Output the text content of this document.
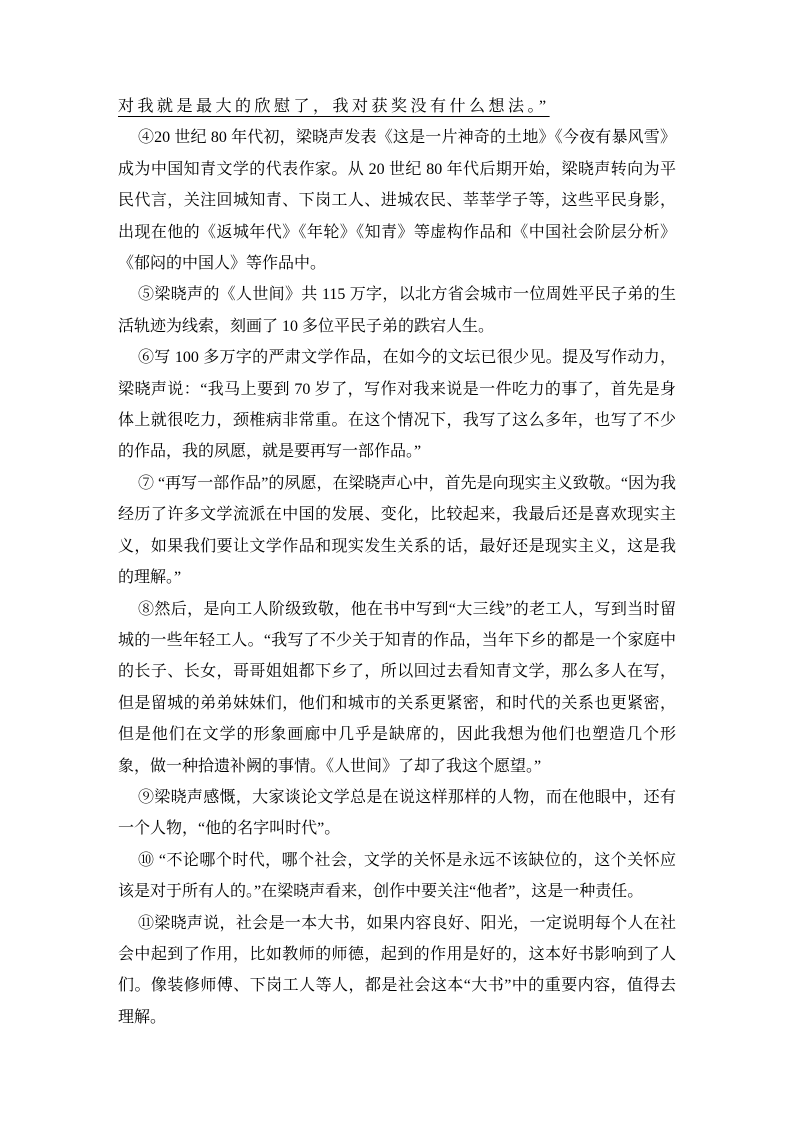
对我就是最大的欣慰了，我对获奖没有什么想法。”

④20 世纪 80 年代初，梁晓声发表《这是一片神奇的土地》《今夜有暴风雪》成为中国知青文学的代表作家。从 20 世纪 80 年代后期开始，梁晓声转向为平民代言，关注回城知青、下岗工人、进城农民、莘莘学子等，这些平民身影，出现在他的《返城年代》《年轮》《知青》等虚构作品和《中国社会阶层分析》《郁闷的中国人》等作品中。

⑤梁晓声的《人世间》共 115 万字，以北方省会城市一位周姓平民子弟的生活轨迹为线索，刻画了 10 多位平民子弟的跌宕人生。

⑥写 100 多万字的严肃文学作品，在如今的文坛已很少见。提及写作动力，梁晓声说：“我马上要到 70 岁了，写作对我来说是一件吃力的事了，首先是身体上就很吃力，颈椎病非常重。在这个情况下，我写了这么多年，也写了不少的作品，我的夙愿，就是要再写一部作品。”

⑦ “再写一部作品”的夙愿，在梁晓声心中，首先是向现实主义致敬。“因为我经历了许多文学流派在中国的发展、变化，比较起来，我最后还是喜欢现实主义，如果我们要让文学作品和现实发生关系的话，最好还是现实主义，这是我的理解。”

⑧然后，是向工人阶级致敬，他在书中写到“大三线”的老工人，写到当时留城的一些年轻工人。“我写了不少关于知青的作品，当年下乡的都是一个家庭中的长子、长女，哥哥姐姐都下乡了，所以回过去看知青文学，那么多人在写，但是留城的弟弟妹妹们，他们和城市的关系更紧密，和时代的关系也更紧密，但是他们在文学的形象画廊中几乎是缺席的，因此我想为他们也塑造几个形象，做一种拾遗补阙的事情。《人世间》了却了我这个愿望。”

⑨梁晓声感慨，大家谈论文学总是在说这样那样的人物，而在他眼中，还有一个人物，“他的名字叫时代”。

⑩ “不论哪个时代，哪个社会，文学的关怀是永远不该缺位的，这个关怀应该是对于所有人的。”在梁晓声看来，创作中要关注“他者”，这是一种责任。

⑪梁晓声说，社会是一本大书，如果内容良好、阳光，一定说明每个人在社会中起到了作用，比如教师的师德，起到的作用是好的，这本好书影响到了人们。像装修师傅、下岗工人等人，都是社会这本“大书”中的重要内容，值得去理解。
